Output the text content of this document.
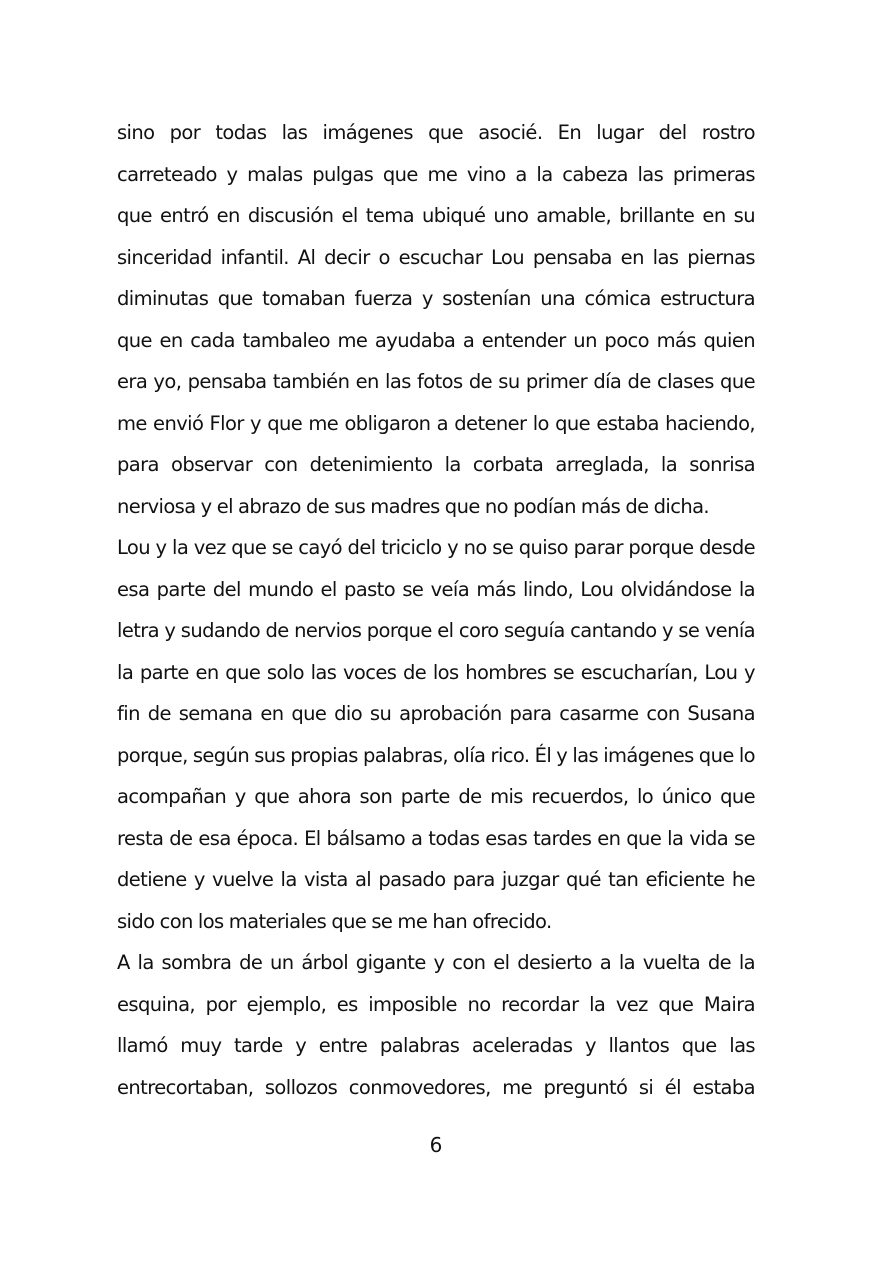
sino por todas las imágenes que asocié. En lugar del rostro
carreteado y malas pulgas que me vino a la cabeza las primeras
que entró en discusión el tema ubiqué uno amable, brillante en su
sinceridad infantil. Al decir o escuchar Lou pensaba en las piernas
diminutas que tomaban fuerza y sostenían una cómica estructura
que en cada tambaleo me ayudaba a entender un poco más quien
era yo, pensaba también en las fotos de su primer día de clases que
me envió Flor y que me obligaron a detener lo que estaba haciendo,
para observar con detenimiento la corbata arreglada, la sonrisa
nerviosa y el abrazo de sus madres que no podían más de dicha.
Lou y la vez que se cayó del triciclo y no se quiso parar porque desde
esa parte del mundo el pasto se veía más lindo, Lou olvidándose la
letra y sudando de nervios porque el coro seguía cantando y se venía
la parte en que solo las voces de los hombres se escucharían, Lou y
fin de semana en que dio su aprobación para casarme con Susana
porque, según sus propias palabras, olía rico. Él y las imágenes que lo
acompañan y que ahora son parte de mis recuerdos, lo único que
resta de esa época. El bálsamo a todas esas tardes en que la vida se
detiene y vuelve la vista al pasado para juzgar qué tan eficiente he
sido con los materiales que se me han ofrecido.
A la sombra de un árbol gigante y con el desierto a la vuelta de la
esquina, por ejemplo, es imposible no recordar la vez que Maira
llamó muy tarde y entre palabras aceleradas y llantos que las
entrecortaban, sollozos conmovedores, me preguntó si él estaba
6
